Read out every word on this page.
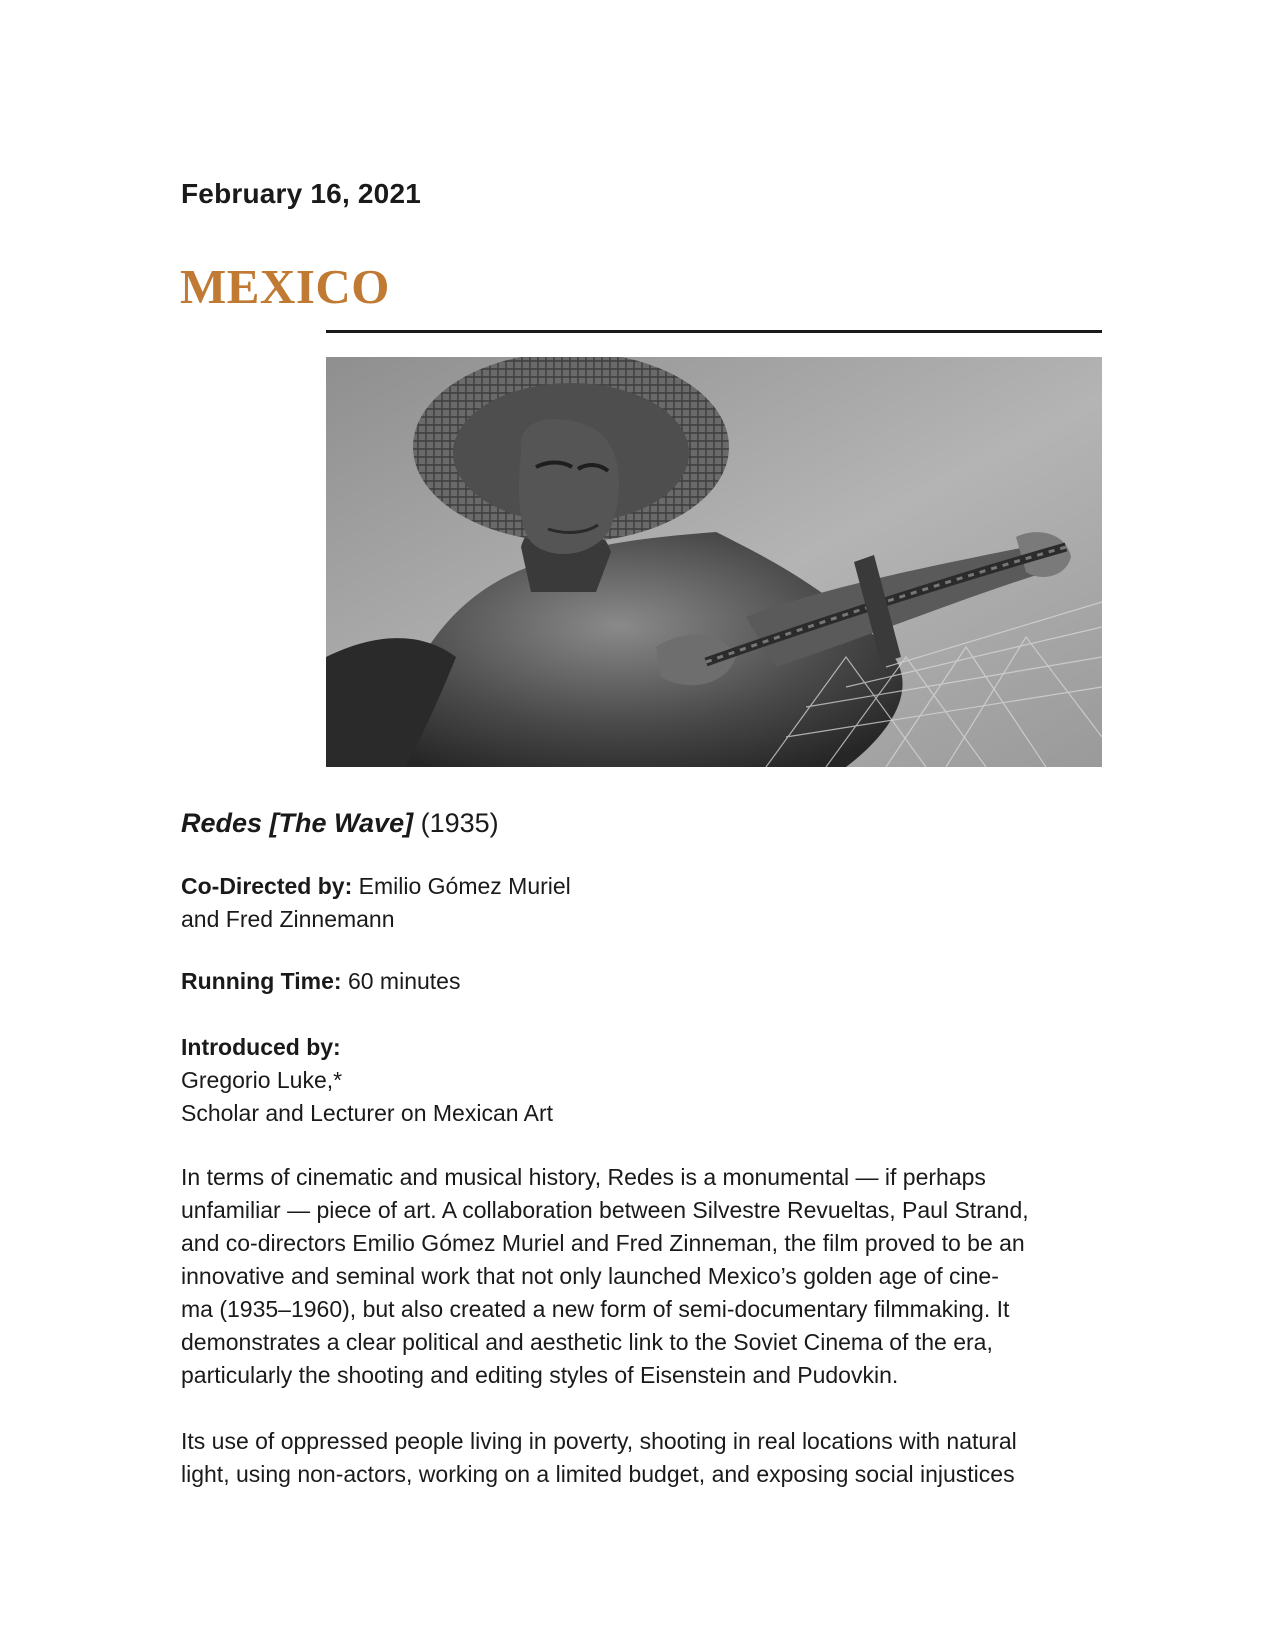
February 16, 2021
MEXICO
Redes [The Wave] (1935)
Co-Directed by: Emilio Gómez Muriel
and Fred Zinnemann
Running Time: 60 minutes
Introduced by:
Gregorio Luke,*
Scholar and Lecturer on Mexican Art
In terms of cinematic and musical history, Redes is a monumental — if perhaps
unfamiliar — piece of art. A collaboration between Silvestre Revueltas, Paul Strand,
and co-directors Emilio Gómez Muriel and Fred Zinneman, the film proved to be an
innovative and seminal work that not only launched Mexico’s golden age of cine-
ma (1935–1960), but also created a new form of semi-documentary filmmaking. It
demonstrates a clear political and aesthetic link to the Soviet Cinema of the era,
particularly the shooting and editing styles of Eisenstein and Pudovkin.
Its use of oppressed people living in poverty, shooting in real locations with natural
light, using non-actors, working on a limited budget, and exposing social injustices
